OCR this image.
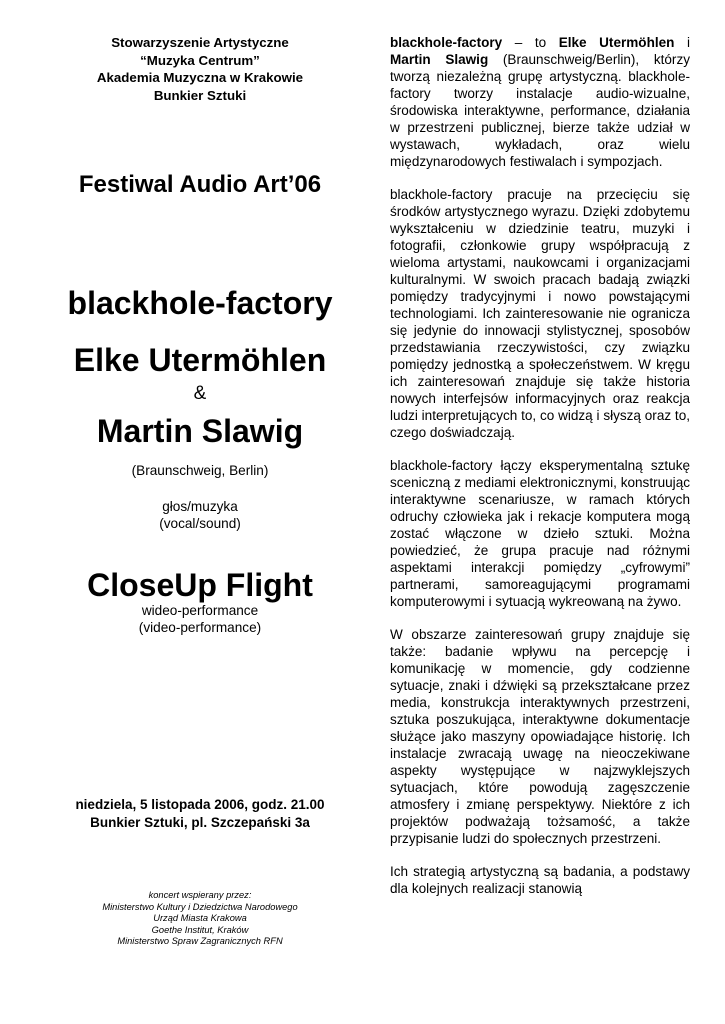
Stowarzyszenie Artystyczne
“Muzyka Centrum”
Akademia Muzyczna w Krakowie
Bunkier Sztuki
Festiwal Audio Art’06
blackhole-factory
Elke Utermöhlen
&
Martin Slawig
(Braunschweig, Berlin)
głos/muzyka
(vocal/sound)
CloseUp Flight
wideo-performance
(video-performance)
niedziela, 5 listopada 2006, godz. 21.00
Bunkier Sztuki, pl. Szczepański 3a
koncert wspierany przez:
Ministerstwo Kultury i Dziedzictwa Narodowego
Urząd Miasta Krakowa
Goethe Institut, Kraków
Ministerstwo Spraw Zagranicznych RFN

blackhole-factory – to Elke Utermöhlen i Martin Slawig (Braunschweig/Berlin), którzy tworzą niezależną grupę artystyczną. blackhole-factory tworzy instalacje audio-wizualne, środowiska interaktywne, performance, działania w przestrzeni publicznej, bierze także udział w wystawach, wykładach, oraz wielu międzynarodowych festiwalach i sympozjach.

blackhole-factory pracuje na przecięciu się środków artystycznego wyrazu. Dzięki zdobytemu wykształceniu w dziedzinie teatru, muzyki i fotografii, członkowie grupy współpracują z wieloma artystami, naukowcami i organizacjami kulturalnymi. W swoich pracach badają związki pomiędzy tradycyjnymi i nowo powstającymi technologiami. Ich zainteresowanie nie ogranicza się jedynie do innowacji stylistycznej, sposobów przedstawiania rzeczywistości, czy związku pomiędzy jednostką a społeczeństwem. W kręgu ich zainteresowań znajduje się także historia nowych interfejsów informacyjnych oraz reakcja ludzi interpretujących to, co widzą i słyszą oraz to, czego doświadczają.

blackhole-factory łączy eksperymentalną sztukę sceniczną z mediami elektronicznymi, konstruując interaktywne scenariusze, w ramach których odruchy człowieka jak i rekacje komputera mogą zostać włączone w dzieło sztuki. Można powiedzieć, że grupa pracuje nad różnymi aspektami interakcji pomiędzy „cyfrowymi” partnerami, samoreagującymi programami komputerowymi i sytuacją wykreowaną na żywo.

W obszarze zainteresowań grupy znajduje się także: badanie wpływu na percepcję i komunikację w momencie, gdy codzienne sytuacje, znaki i dźwięki są przekształcane przez media, konstrukcja interaktywnych przestrzeni, sztuka poszukująca, interaktywne dokumentacje służące jako maszyny opowiadające historię. Ich instalacje zwracają uwagę na nieoczekiwane aspekty występujące w najzwyklejszych sytuacjach, które powodują zagęszczenie atmosfery i zmianę perspektywy. Niektóre z ich projektów podważają tożsamość, a także przypisanie ludzi do społecznych przestrzeni.

Ich strategią artystyczną są badania, a podstawy dla kolejnych realizacji stanowią
